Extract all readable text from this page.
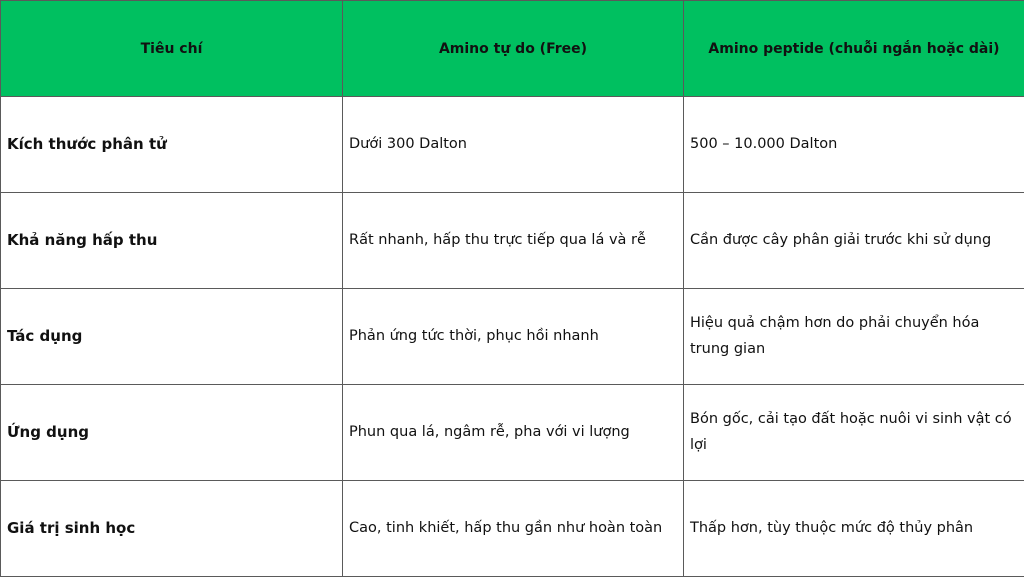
Tiêu chí	Amino tự do (Free)	Amino peptide (chuỗi ngắn hoặc dài)
Kích thước phân tử	Dưới 300 Dalton	500 – 10.000 Dalton
Khả năng hấp thu	Rất nhanh, hấp thu trực tiếp qua lá và rễ	Cần được cây phân giải trước khi sử dụng
Tác dụng	Phản ứng tức thời, phục hồi nhanh	Hiệu quả chậm hơn do phải chuyển hóa trung gian
Ứng dụng	Phun qua lá, ngâm rễ, pha với vi lượng	Bón gốc, cải tạo đất hoặc nuôi vi sinh vật có lợi
Giá trị sinh học	Cao, tinh khiết, hấp thu gần như hoàn toàn	Thấp hơn, tùy thuộc mức độ thủy phân
